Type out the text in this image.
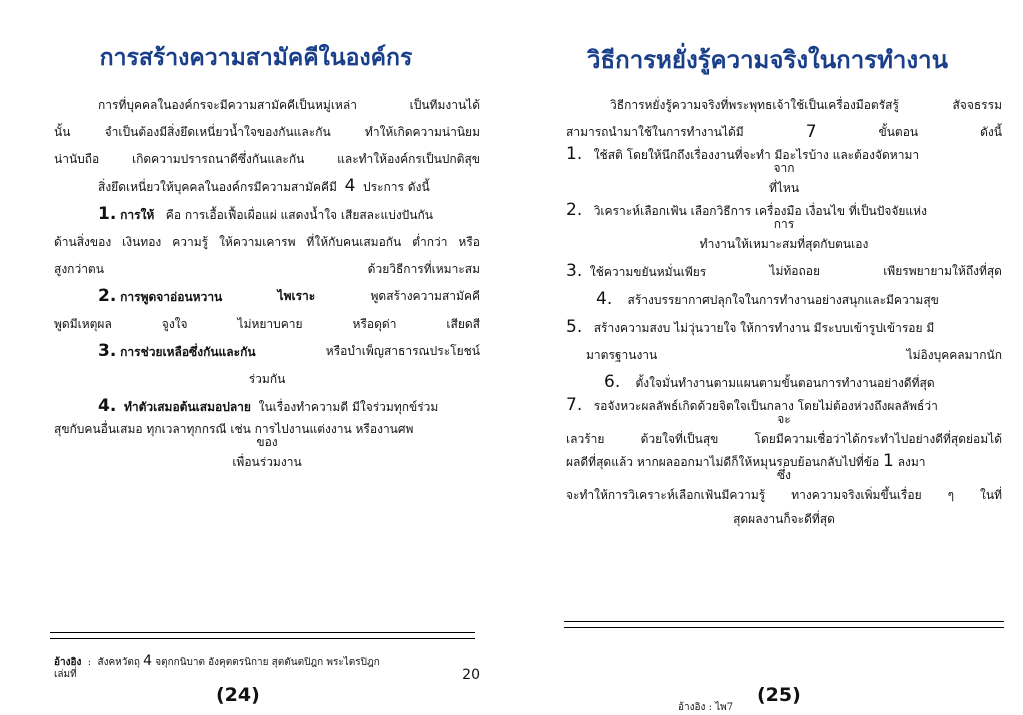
การสร้างความสามัคคีในองค์กร
การที่บุคคลในองค์กรจะมีความสามัคคีเป็นหมู่เหล่า เป็นทีมงานได้
นั้น จำเป็นต้องมีสิ่งยึดเหนี่ยวน้ำใจของกันและกัน ทำให้เกิดความน่านิยม
น่านับถือ เกิดความปรารถนาดีซึ่งกันและกัน และทำให้องค์กรเป็นปกติสุข
สิ่งยึดเหนี่ยวให้บุคคลในองค์กรมีความสามัคคีมี 4 ประการ ดังนี้
1. การให้ คือ การเอื้อเฟื้อเผื่อแผ่ แสดงน้ำใจ เสียสละแบ่งปันกัน
ด้านสิ่งของ เงินทอง ความรู้ ให้ความเคารพ ที่ให้กับคนเสมอกัน ต่ำกว่า หรือ
สูงกว่าตน	ด้วยวิธีการที่เหมาะสม
2. การพูดจาอ่อนหวาน	ไพเราะ	พูดสร้างความสามัคคี
พูดมีเหตุผล	จูงใจ	ไม่หยาบคาย	หรือดุด่า	เสียดสี
3. การช่วยเหลือซึ่งกันและกัน	หรือบำเพ็ญสาธารณประโยชน์
ร่วมกัน
4. ทำตัวเสมอต้นเสมอปลาย ในเรื่องทำความดี มีใจร่วมทุกข์ร่วม
สุขกับคนอื่นเสมอ ทุกเวลาทุกกรณี เช่น การไปงานแต่งงาน หรืองานศพ
ของ
เพื่อนร่วมงาน
อ้างอิง : สังคหวัตถุ 4 จตุกกนิบาต อังคุตตรนิกาย สุตตันตปิฎก พระไตรปิฎก
เล่มที่	20
(24)
วิธีการหยั่งรู้ความจริงในการทำงาน
วิธีการหยั่งรู้ความจริงที่พระพุทธเจ้าใช้เป็นเครื่องมือตรัสรู้ สัจจธรรม
สามารถนำมาใช้ในการทำงานได้มี	7	ขั้นตอน	ดังนี้
1. ใช้สติ โดยให้นึกถึงเรื่องงานที่จะทำ มีอะไรบ้าง และต้องจัดหามา
จาก
ที่ไหน
2. วิเคราะห์เลือกเฟ้น เลือกวิธีการ เครื่องมือ เงื่อนไข ที่เป็นปัจจัยแห่ง
การ
ทำงานให้เหมาะสมที่สุดกับตนเอง
3. ใช้ความขยันหมั่นเพียร	ไม่ท้อถอย	เพียรพยายามให้ถึงที่สุด
4. สร้างบรรยากาศปลุกใจในการทำงานอย่างสนุกและมีความสุข
5. สร้างความสงบ ไม่วุ่นวายใจ ให้การทำงาน มีระบบเข้ารูปเข้ารอย มี
มาตรฐานงาน	ไม่อิงบุคคลมากนัก
6. ตั้งใจมั่นทำงานตามแผนตามขั้นตอนการทำงานอย่างดีที่สุด
7. รอจังหวะผลลัพธ์เกิดด้วยจิตใจเป็นกลาง โดยไม่ต้องห่วงถึงผลลัพธ์ว่า
จะ
เลวร้าย ด้วยใจที่เป็นสุข โดยมีความเชื่อว่าได้กระทำไปอย่างดีที่สุดย่อมได้
ผลดีที่สุดแล้ว หากผลออกมาไม่ดีก็ให้หมุนรอบย้อนกลับไปที่ข้อ 1 ลงมา
ซึ่ง
จะทำให้การวิเคราะห์เลือกเฟ้นมีความรู้ ทางความจริงเพิ่มขึ้นเรื่อย ๆ ในที่
สุดผลงานก็จะดีที่สุด
อ้างอิง : ไพ7
(25)
